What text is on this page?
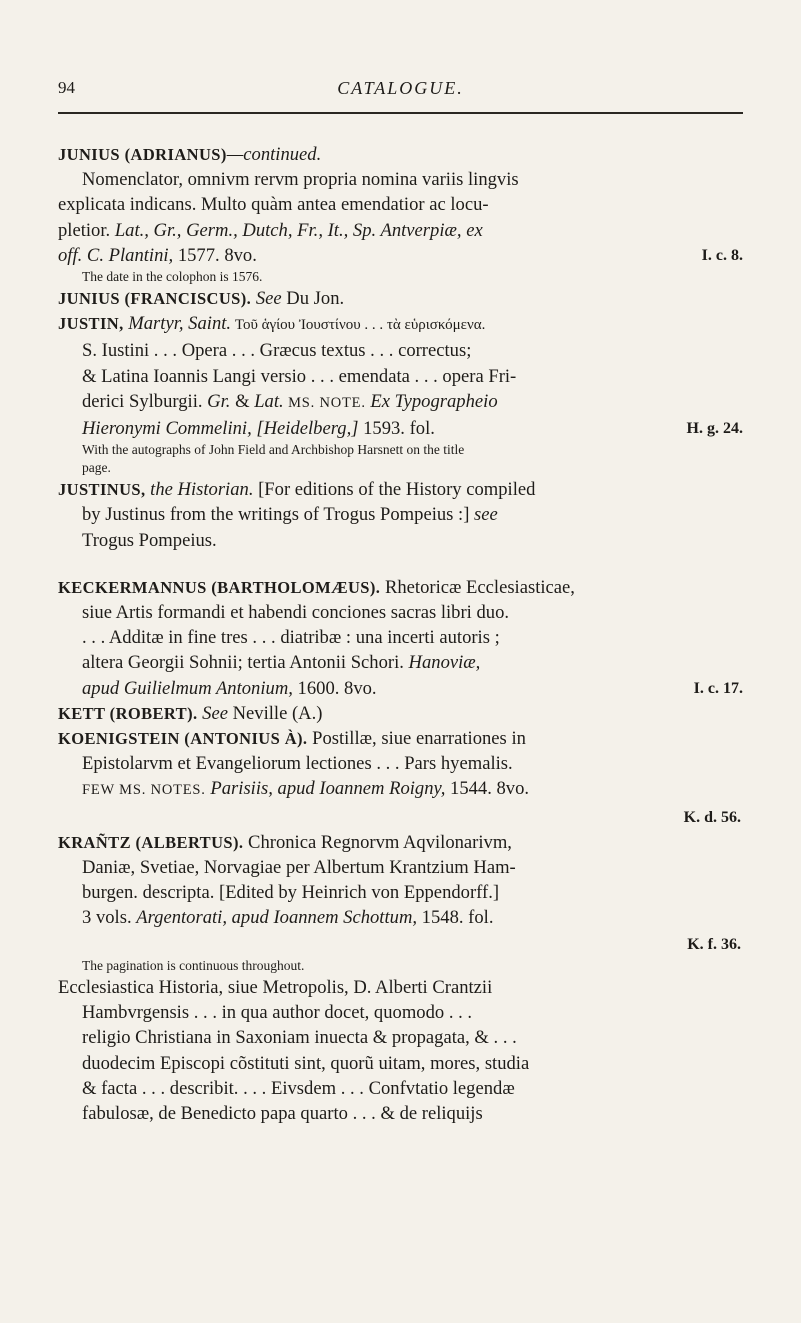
94	CATALOGUE.
JUNIUS (ADRIANUS)—continued.
Nomenclator, omnivm rervm propria nomina variis lingvis
explicata indicans. Multo quàm antea emendatior ac locu-
pletior. Lat., Gr., Germ., Dutch, Fr., It., Sp. Antverpiæ, ex
off. C. Plantini, 1577. 8vo.	I. c. 8.
The date in the colophon is 1576.
JUNIUS (FRANCISCUS). See Du Jon.
JUSTIN, Martyr, Saint. Τοῦ ἁγίου Ἰουστίνου . . . τὰ εὑρισκόμενα.
S. Iustini . . . Opera . . . Græcus textus . . . correctus;
& Latina Ioannis Langi versio . . . emendata . . . opera Fri-
derici Sylburgii. Gr. & Lat. MS. NOTE. Ex Typographeio
Hieronymi Commelini, [Heidelberg,] 1593. fol.	H. g. 24.
With the autographs of John Field and Archbishop Harsnett on the title
page.
JUSTINUS, the Historian. [For editions of the History compiled
by Justinus from the writings of Trogus Pompeius :] see
Trogus Pompeius.
KECKERMANNUS (BARTHOLOMÆUS). Rhetoricæ Ecclesiasticae,
siue Artis formandi et habendi conciones sacras libri duo.
. . . Additæ in fine tres . . . diatribæ : una incerti autoris ;
altera Georgii Sohnii; tertia Antonii Schori. Hanoviæ,
apud Guilielmum Antonium, 1600. 8vo.	I. c. 17.
KETT (ROBERT). See Neville (A.)
KOENIGSTEIN (ANTONIUS À). Postillæ, siue enarrationes in
Epistolarvm et Evangeliorum lectiones . . . Pars hyemalis.
FEW MS. NOTES. Parisiis, apud Ioannem Roigny, 1544. 8vo.
K. d. 56.
KRAÑTZ (ALBERTUS). Chronica Regnorvm Aqvilonarivm,
Daniæ, Svetiae, Norvagiae per Albertum Krantzium Ham-
burgen. descripta. [Edited by Heinrich von Eppendorff.]
3 vols. Argentorati, apud Ioannem Schottum, 1548. fol.
K. f. 36.
The pagination is continuous throughout.
Ecclesiastica Historia, siue Metropolis, D. Alberti Crantzii
Hambvrgensis . . . in qua author docet, quomodo . . .
religio Christiana in Saxoniam inuecta & propagata, & . . .
duodecim Episcopi cõstituti sint, quorũ uitam, mores, studia
& facta . . . describit. . . . Eivsdem . . . Confvtatio legendæ
fabulosæ, de Benedicto papa quarto . . . & de reliquijs
